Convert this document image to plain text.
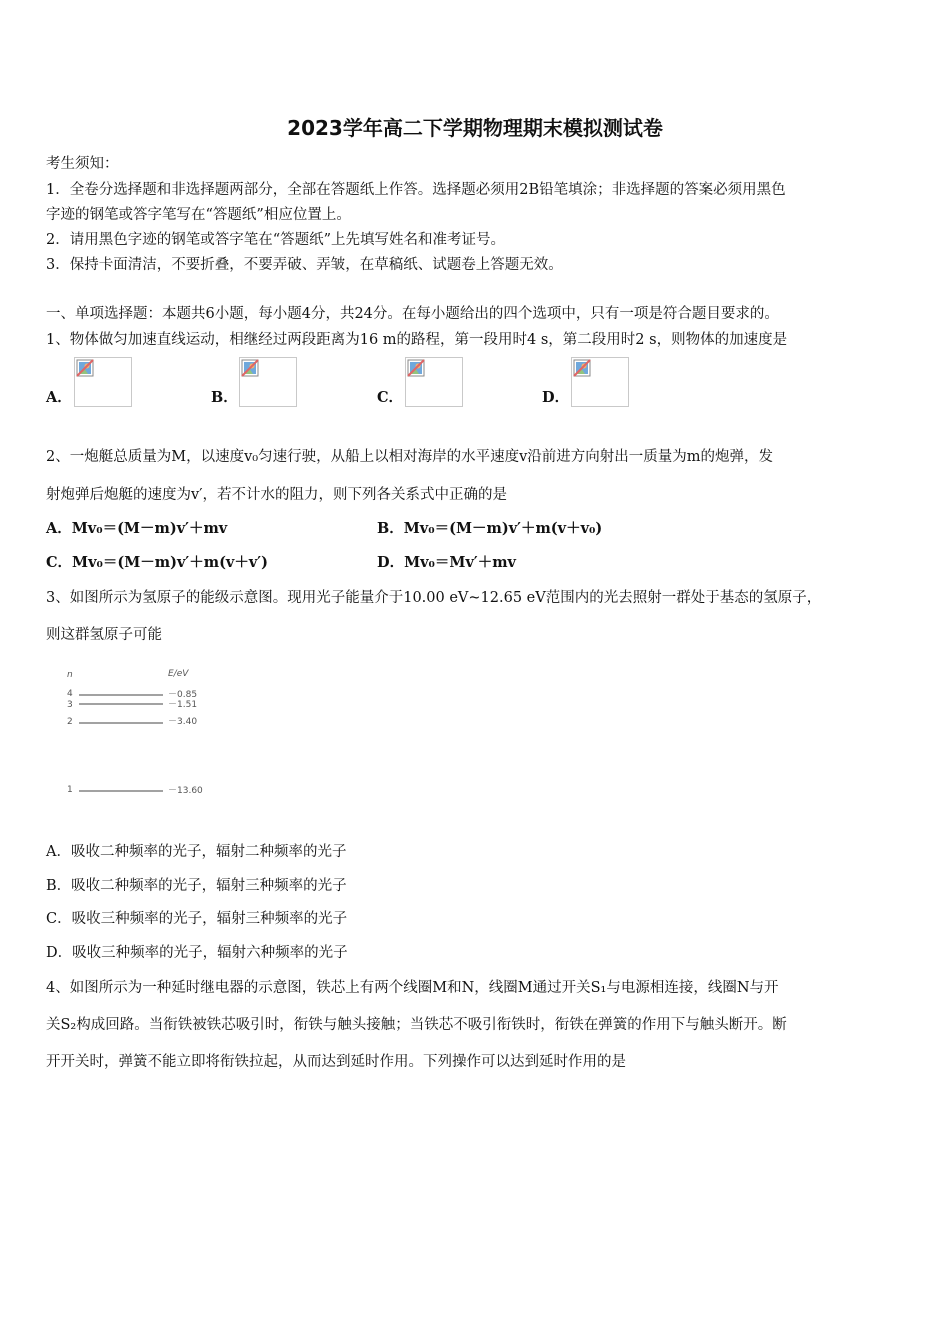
2023学年高二下学期物理期末模拟测试卷
考生须知：
1．全卷分选择题和非选择题两部分，全部在答题纸上作答。选择题必须用2B铅笔填涂；非选择题的答案必须用黑色
字迹的钢笔或答字笔写在“答题纸”相应位置上。
2．请用黑色字迹的钢笔或答字笔在“答题纸”上先填写姓名和准考证号。
3．保持卡面清洁，不要折叠，不要弄破、弄皱，在草稿纸、试题卷上答题无效。
一、单项选择题：本题共6小题，每小题4分，共24分。在每小题给出的四个选项中，只有一项是符合题目要求的。
1、物体做匀加速直线运动，相继经过两段距离为16 m的路程，第一段用时4 s，第二段用时2 s，则物体的加速度是
A．	B．	C．	D．
2、一炮艇总质量为M，以速度v₀匀速行驶，从船上以相对海岸的水平速度v沿前进方向射出一质量为m的炮弹，发
射炮弹后炮艇的速度为v′，若不计水的阻力，则下列各关系式中正确的是
A．Mv₀＝(M－m)v′＋mv	B．Mv₀＝(M－m)v′＋m(v＋v₀)
C．Mv₀＝(M－m)v′＋m(v＋v′)	D．Mv₀＝Mv′＋mv
3、如图所示为氢原子的能级示意图。现用光子能量介于10.00 eV~12.65 eV范围内的光去照射一群处于基态的氢原子，
则这群氢原子可能
n	E/eV
4	－0.85
3	－1.51
2	－3.40
1	－13.60
A．吸收二种频率的光子，辐射二种频率的光子
B．吸收二种频率的光子，辐射三种频率的光子
C．吸收三种频率的光子，辐射三种频率的光子
D．吸收三种频率的光子，辐射六种频率的光子
4、如图所示为一种延时继电器的示意图，铁芯上有两个线圈M和N，线圈M通过开关S₁与电源相连接，线圈N与开
关S₂构成回路。当衔铁被铁芯吸引时，衔铁与触头接触；当铁芯不吸引衔铁时，衔铁在弹簧的作用下与触头断开。断
开开关时，弹簧不能立即将衔铁拉起，从而达到延时作用。下列操作可以达到延时作用的是
